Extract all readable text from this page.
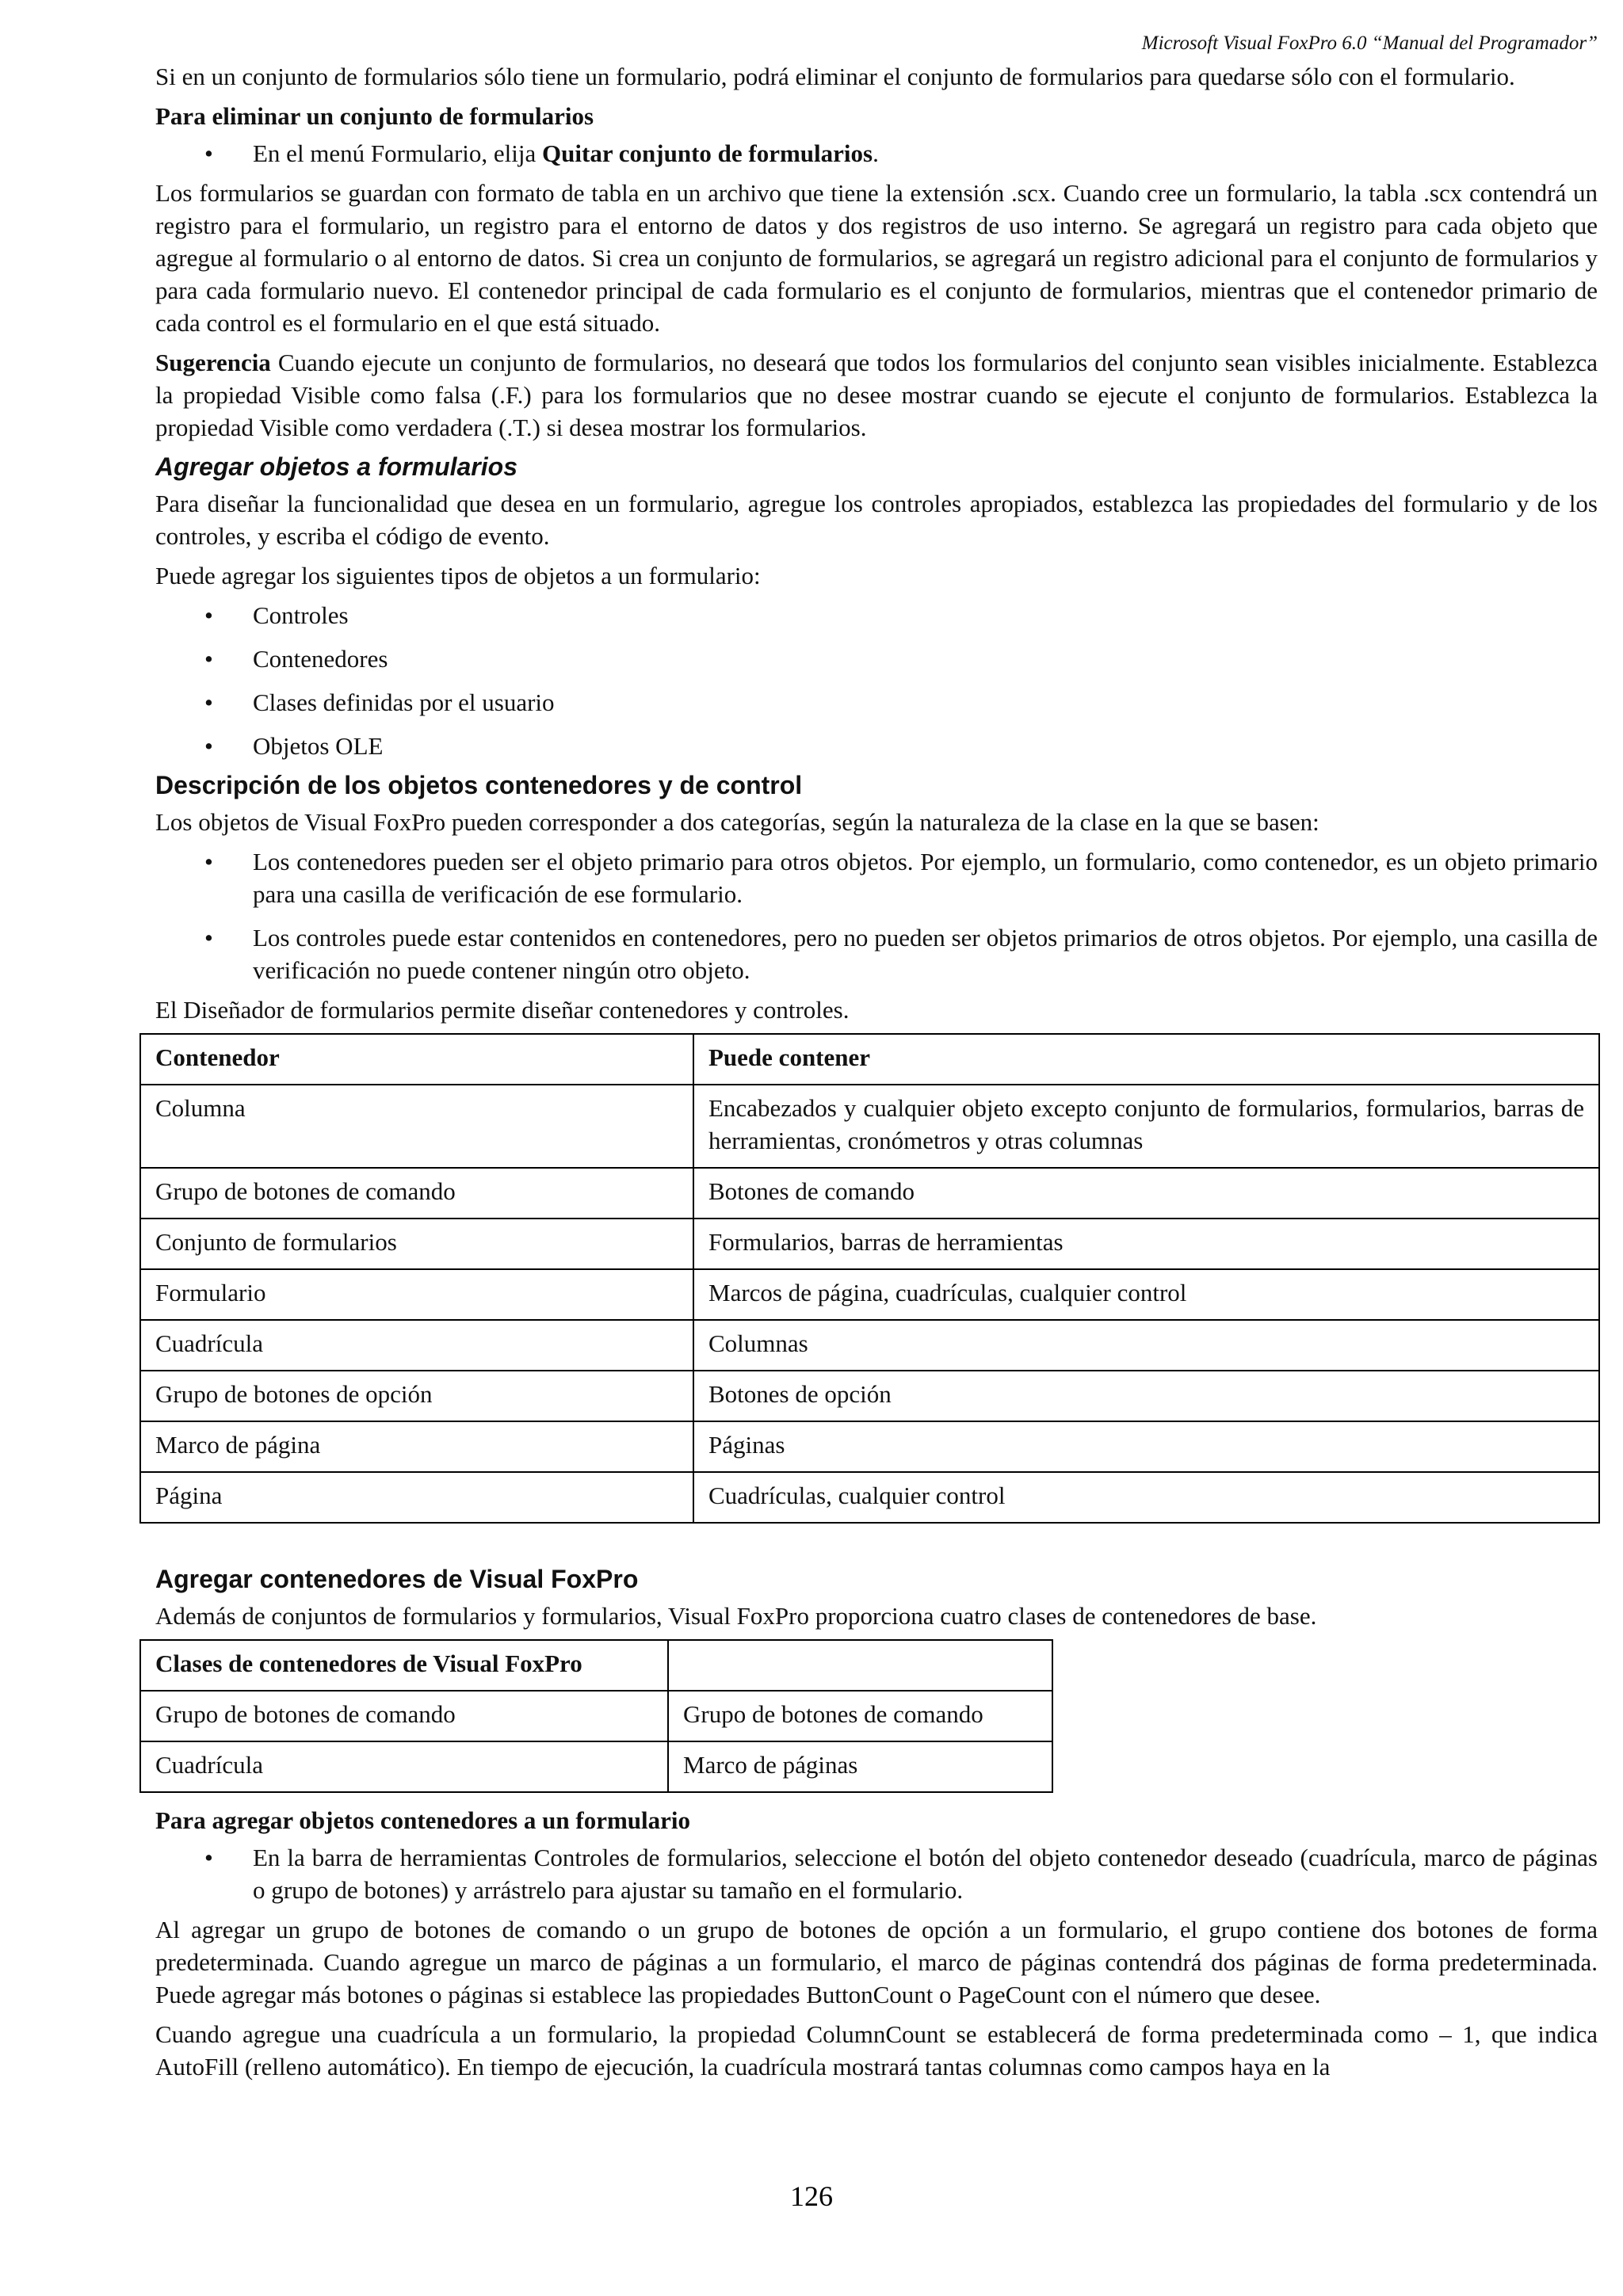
Microsoft Visual FoxPro 6.0 “Manual del Programador”

Si en un conjunto de formularios sólo tiene un formulario, podrá eliminar el conjunto de formularios para quedarse sólo con el formulario.

Para eliminar un conjunto de formularios
• En el menú Formulario, elija Quitar conjunto de formularios.

Los formularios se guardan con formato de tabla en un archivo que tiene la extensión .scx. Cuando cree un formulario, la tabla .scx contendrá un registro para el formulario, un registro para el entorno de datos y dos registros de uso interno. Se agregará un registro para cada objeto que agregue al formulario o al entorno de datos. Si crea un conjunto de formularios, se agregará un registro adicional para el conjunto de formularios y para cada formulario nuevo. El contenedor principal de cada formulario es el conjunto de formularios, mientras que el contenedor primario de cada control es el formulario en el que está situado.

Sugerencia Cuando ejecute un conjunto de formularios, no deseará que todos los formularios del conjunto sean visibles inicialmente. Establezca la propiedad Visible como falsa (.F.) para los formularios que no desee mostrar cuando se ejecute el conjunto de formularios. Establezca la propiedad Visible como verdadera (.T.) si desea mostrar los formularios.

Agregar objetos a formularios

Para diseñar la funcionalidad que desea en un formulario, agregue los controles apropiados, establezca las propiedades del formulario y de los controles, y escriba el código de evento.

Puede agregar los siguientes tipos de objetos a un formulario:

• Controles
• Contenedores
• Clases definidas por el usuario
• Objetos OLE
Descripción de los objetos contenedores y de control

Los objetos de Visual FoxPro pueden corresponder a dos categorías, según la naturaleza de la clase en la que se basen:

• Los contenedores pueden ser el objeto primario para otros objetos. Por ejemplo, un formulario, como contenedor, es un objeto primario para una casilla de verificación de ese formulario.
• Los controles puede estar contenidos en contenedores, pero no pueden ser objetos primarios de otros objetos. Por ejemplo, una casilla de verificación no puede contener ningún otro objeto.

El Diseñador de formularios permite diseñar contenedores y controles.

Contenedor	Puede contener
Columna	Encabezados y cualquier objeto excepto conjunto de formularios, formularios, barras de herramientas, cronómetros y otras columnas
Grupo de botones de comando	Botones de comando
Conjunto de formularios	Formularios, barras de herramientas
Formulario	Marcos de página, cuadrículas, cualquier control
Cuadrícula	Columnas
Grupo de botones de opción	Botones de opción
Marco de página	Páginas
Página	Cuadrículas, cualquier control
Agregar contenedores de Visual FoxPro

Además de conjuntos de formularios y formularios, Visual FoxPro proporciona cuatro clases de contenedores de base.

Clases de contenedores de Visual FoxPro	
Grupo de botones de comando	Grupo de botones de comando
Cuadrícula	Marco de páginas
Para agregar objetos contenedores a un formulario
• En la barra de herramientas Controles de formularios, seleccione el botón del objeto contenedor deseado (cuadrícula, marco de páginas o grupo de botones) y arrástrelo para ajustar su tamaño en el formulario.

Al agregar un grupo de botones de comando o un grupo de botones de opción a un formulario, el grupo contiene dos botones de forma predeterminada. Cuando agregue un marco de páginas a un formulario, el marco de páginas contendrá dos páginas de forma predeterminada. Puede agregar más botones o páginas si establece las propiedades ButtonCount o PageCount con el número que desee.

Cuando agregue una cuadrícula a un formulario, la propiedad ColumnCount se establecerá de forma predeterminada como – 1, que indica AutoFill (relleno automático). En tiempo de ejecución, la cuadrícula mostrará tantas columnas como campos haya en la

126
